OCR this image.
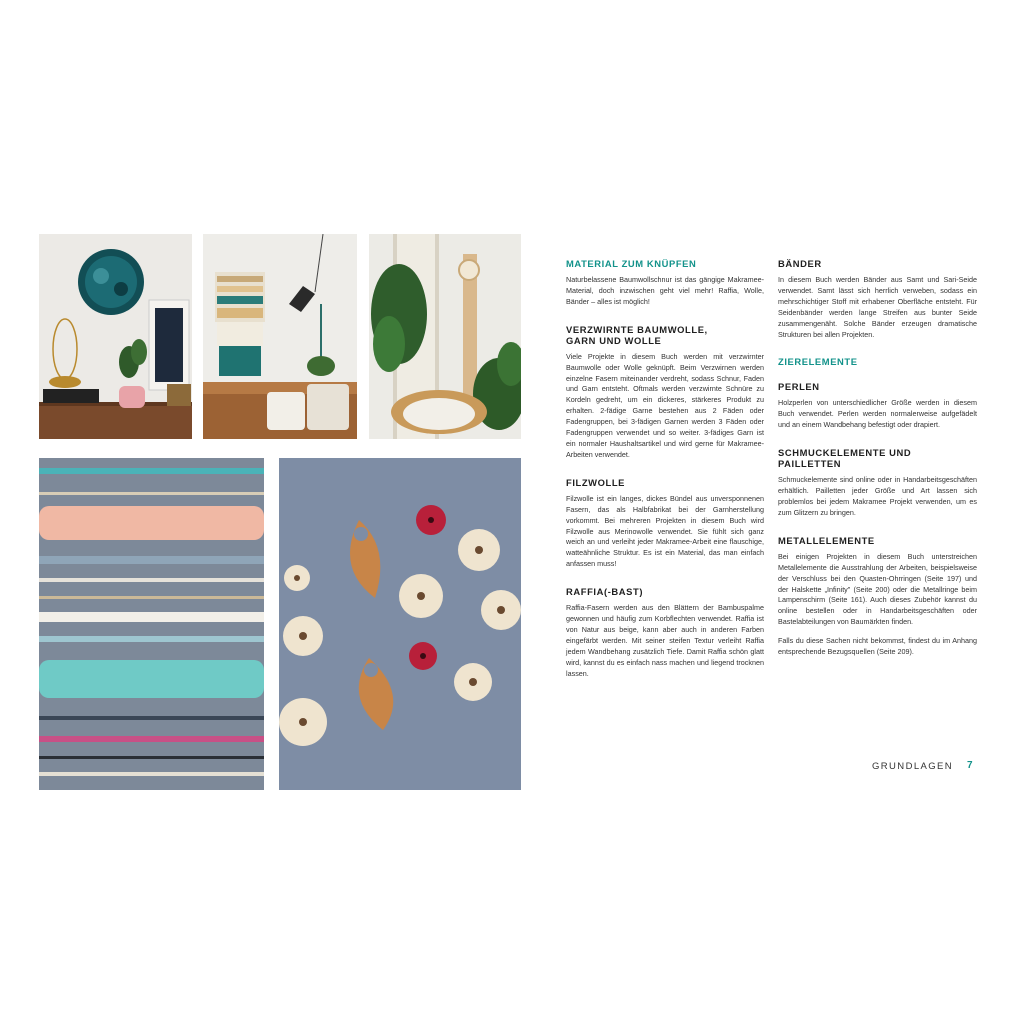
MATERIAL ZUM KNÜPFEN

Naturbelassene Baumwollschnur ist das gängige Makramee-Material, doch inzwischen geht viel mehr! Raffia, Wolle, Bänder – alles ist möglich!

VERZWIRNTE BAUMWOLLE, GARN UND WOLLE

Viele Projekte in diesem Buch werden mit verzwirnter Baumwolle oder Wolle geknüpft. Beim Verzwirnen werden einzelne Fasern miteinander verdreht, sodass Schnur, Faden und Garn entsteht. Oftmals werden verzwirnte Schnüre zu Kordeln gedreht, um ein dickeres, stärkeres Produkt zu erhalten. 2-fädige Garne bestehen aus 2 Fäden oder Fadengruppen, bei 3-fädigen Garnen werden 3 Fäden oder Fadengruppen verwendet und so weiter. 3-fädiges Garn ist ein normaler Haushaltsartikel und wird gerne für Makramee-Arbeiten verwendet.

FILZWOLLE

Filzwolle ist ein langes, dickes Bündel aus unversponnenen Fasern, das als Halbfabrikat bei der Garnherstellung vorkommt. Bei mehreren Projekten in diesem Buch wird Filzwolle aus Merinowolle verwendet. Sie fühlt sich ganz weich an und verleiht jeder Makramee-Arbeit eine flauschige, watteähnliche Struktur. Es ist ein Material, das man einfach anfassen muss!

RAFFIA(-BAST)

Raffia-Fasern werden aus den Blättern der Bambuspalme gewonnen und häufig zum Korbflechten verwendet. Raffia ist von Natur aus beige, kann aber auch in anderen Farben eingefärbt werden. Mit seiner steifen Textur verleiht Raffia jedem Wandbehang zusätzlich Tiefe. Damit Raffia schön glatt wird, kannst du es einfach nass machen und liegend trocknen lassen.

BÄNDER

In diesem Buch werden Bänder aus Samt und Sari-Seide verwendet. Samt lässt sich herrlich verweben, sodass ein mehrschichtiger Stoff mit erhabener Oberfläche entsteht. Für Seidenbänder werden lange Streifen aus bunter Seide zusammengenäht. Solche Bänder erzeugen dramatische Strukturen bei allen Projekten.

ZIERELEMENTE
PERLEN

Holzperlen von unterschiedlicher Größe werden in diesem Buch verwendet. Perlen werden normalerweise aufgefädelt und an einem Wandbehang befestigt oder drapiert.

SCHMUCKELEMENTE UND PAILLETTEN

Schmuckelemente sind online oder in Handarbeitsgeschäften erhältlich. Pailletten jeder Größe und Art lassen sich problemlos bei jedem Makramee Projekt verwenden, um es zum Glitzern zu bringen.

METALLELEMENTE

Bei einigen Projekten in diesem Buch unterstreichen Metallelemente die Ausstrahlung der Arbeiten, beispielsweise der Verschluss bei den Quasten-Ohrringen (Seite 197) und der Halskette „Infinity" (Seite 200) oder die Metallringe beim Lampenschirm (Seite 161). Auch dieses Zubehör kannst du online bestellen oder in Handarbeitsgeschäften oder Bastelabteilungen von Baumärkten finden.

Falls du diese Sachen nicht bekommst, findest du im Anhang entsprechende Bezugsquellen (Seite 209).

GRUNDLAGEN 7
